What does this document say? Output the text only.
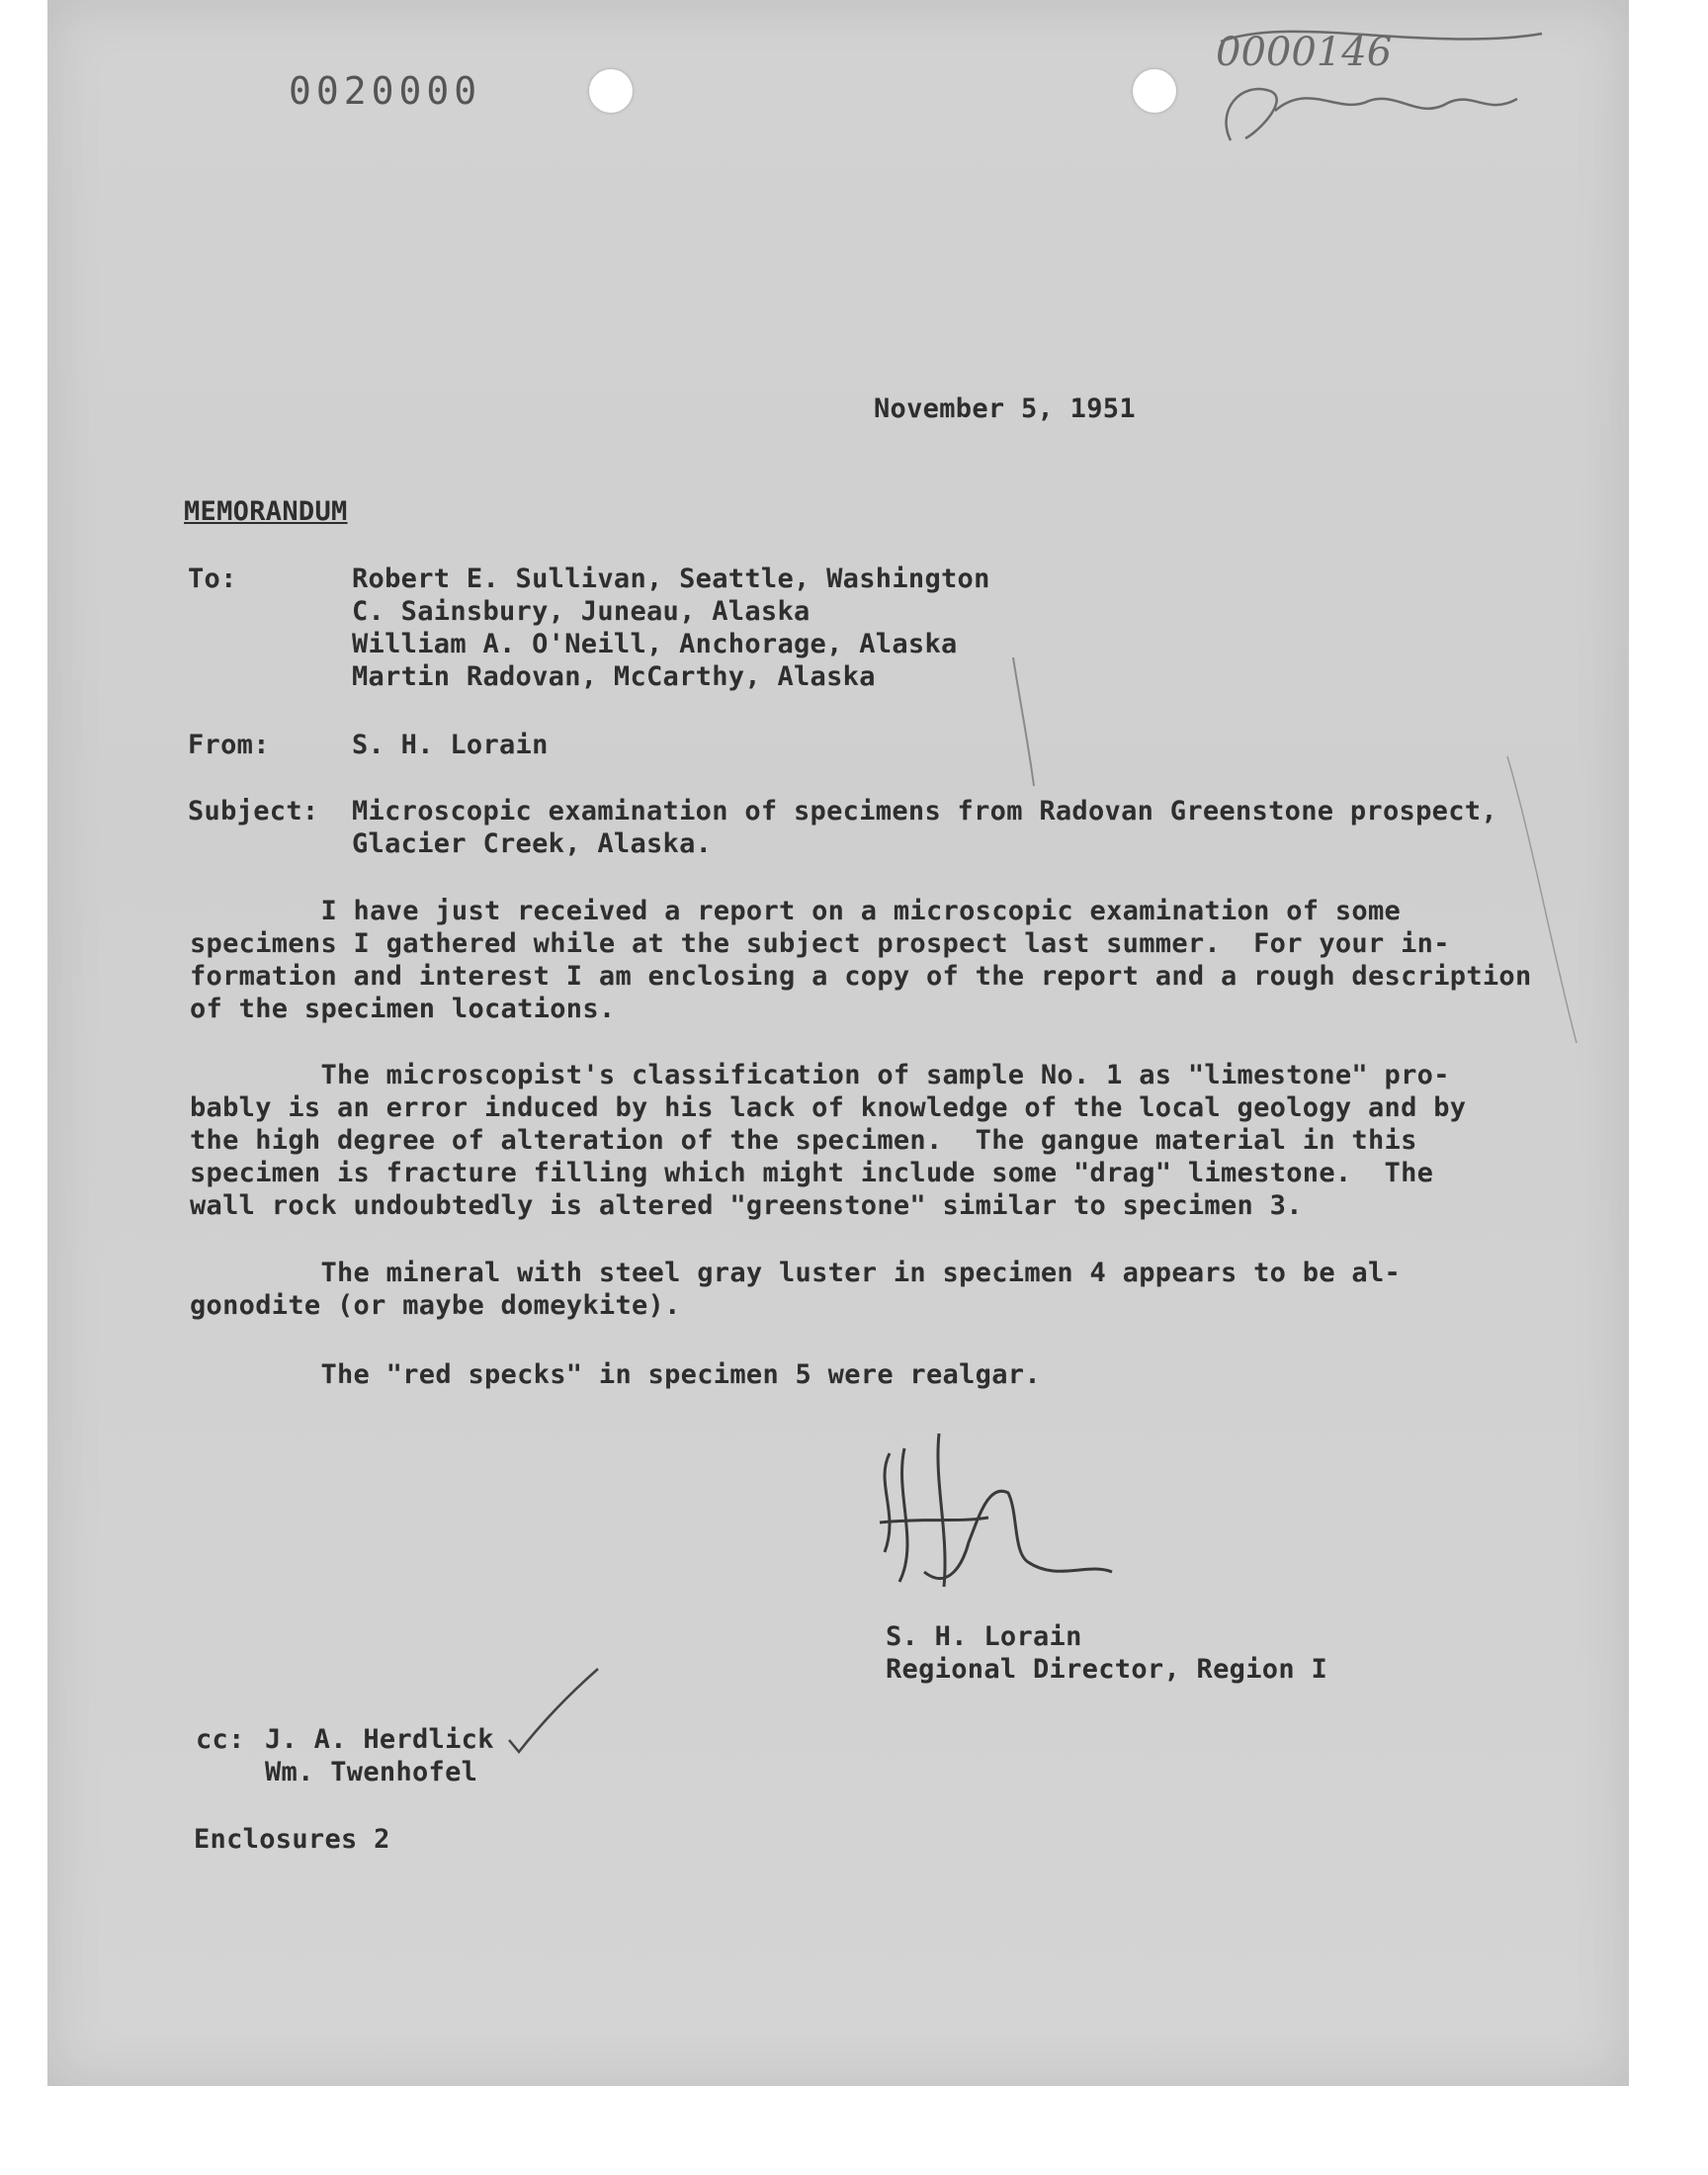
0020000
0000146
November 5, 1951
MEMORANDUM
To:	Robert E. Sullivan, Seattle, Washington
C. Sainsbury, Juneau, Alaska
William A. O'Neill, Anchorage, Alaska
Martin Radovan, McCarthy, Alaska
From:	S. H. Lorain
Subject: Microscopic examination of specimens from Radovan Greenstone prospect,
Glacier Creek, Alaska.
I have just received a report on a microscopic examination of some
specimens I gathered while at the subject prospect last summer.  For your in-
formation and interest I am enclosing a copy of the report and a rough description
of the specimen locations.
The microscopist's classification of sample No. 1 as "limestone" pro-
bably is an error induced by his lack of knowledge of the local geology and by
the high degree of alteration of the specimen.  The gangue material in this
specimen is fracture filling which might include some "drag" limestone.  The
wall rock undoubtedly is altered "greenstone" similar to specimen 3.
The mineral with steel gray luster in specimen 4 appears to be al-
gonodite (or maybe domeykite).
The "red specks" in specimen 5 were realgar.
S. H. Lorain
Regional Director, Region I
cc: J. A. Herdlick
Wm. Twenhofel
Enclosures 2
